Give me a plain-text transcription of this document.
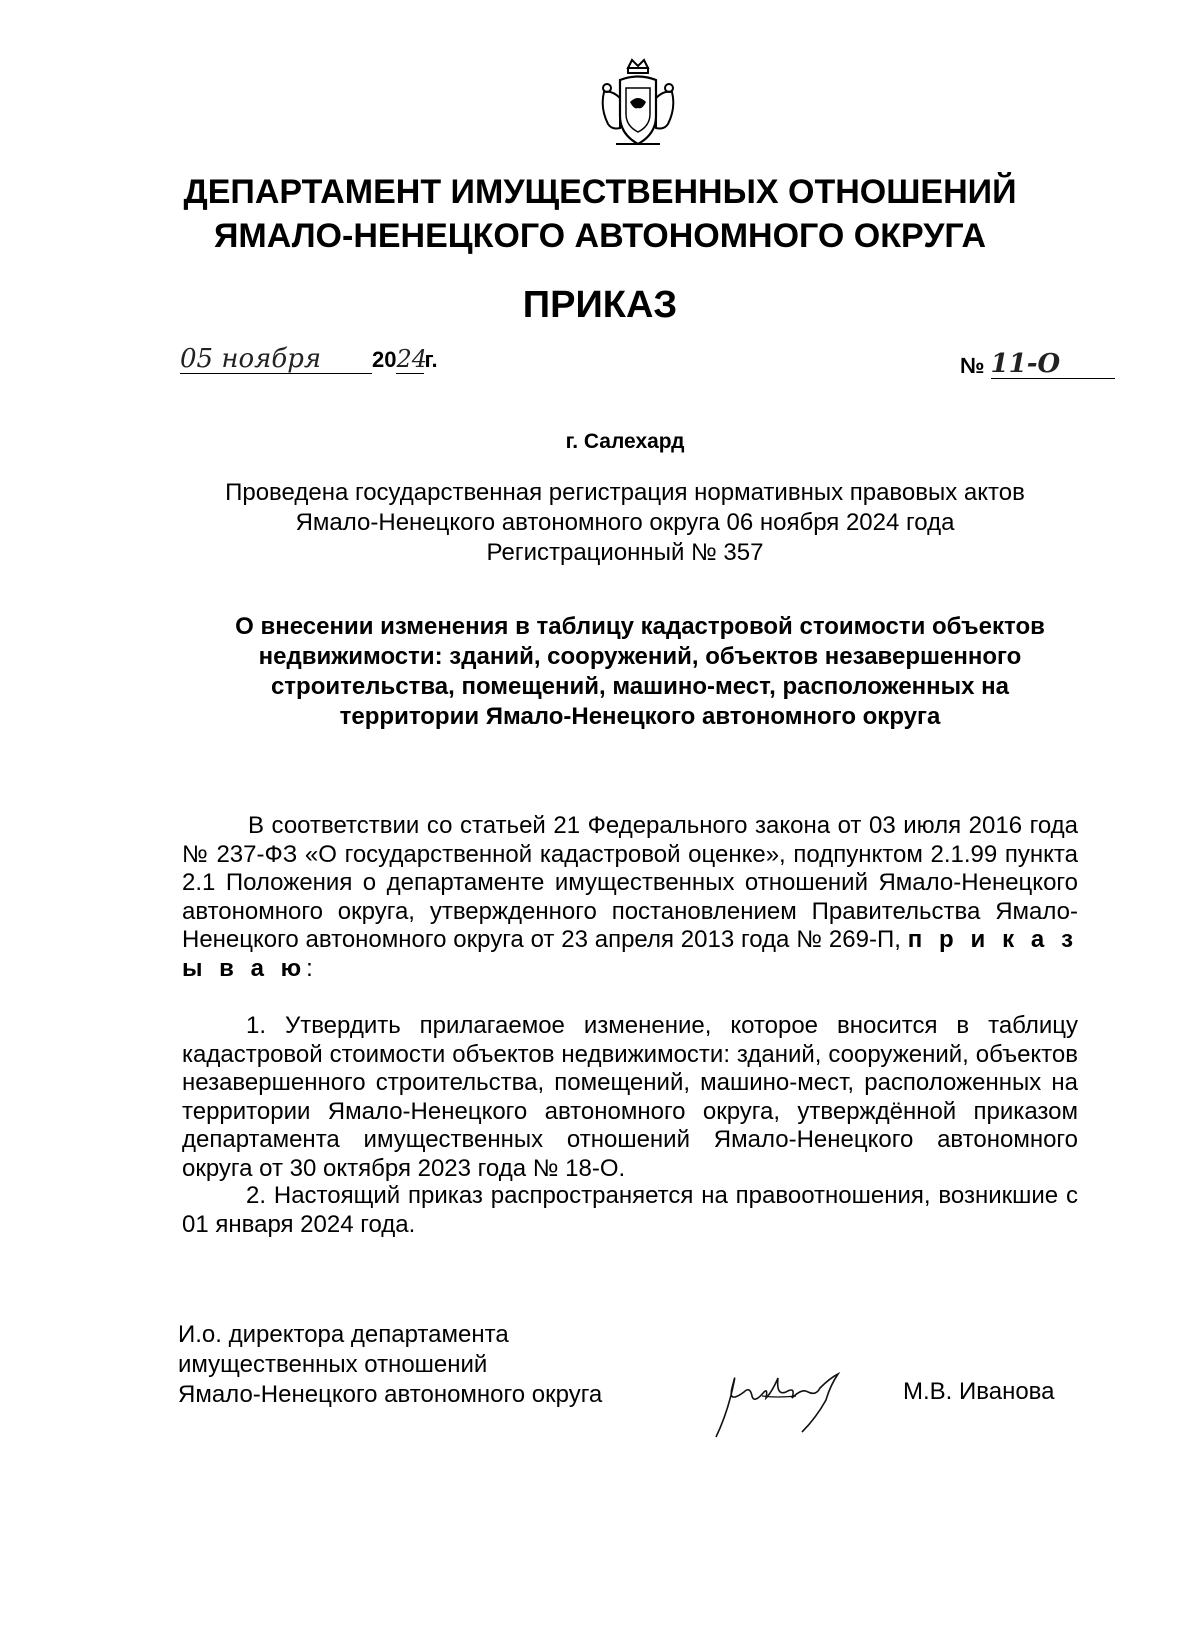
ДЕПАРТАМЕНТ ИМУЩЕСТВЕННЫХ ОТНОШЕНИЙ
ЯМАЛО-НЕНЕЦКОГО АВТОНОМНОГО ОКРУГА
ПРИКАЗ
05 ноября	20 24
г.	№ 11-О
г. Салехард
Проведена государственная регистрация нормативных правовых актов
Ямало-Ненецкого автономного округа 06 ноября 2024 года
Регистрационный № 357
О внесении изменения в таблицу кадастровой стоимости объектов недвижимости: зданий, сооружений, объектов незавершенного строительства, помещений, машино-мест, расположенных на территории Ямало-Ненецкого автономного округа
В соответствии со статьей 21 Федерального закона от 03 июля 2016 года № 237-ФЗ «О государственной кадастровой оценке», подпунктом 2.1.99 пункта 2.1 Положения о департаменте имущественных отношений Ямало-Ненецкого автономного округа, утвержденного постановлением Правительства Ямало-Ненецкого автономного округа от 23 апреля 2013 года № 269-П, п р и к а з ы в а ю:
1. Утвердить прилагаемое изменение, которое вносится в таблицу кадастровой стоимости объектов недвижимости: зданий, сооружений, объектов незавершенного строительства, помещений, машино-мест, расположенных на территории Ямало-Ненецкого автономного округа, утверждённой приказом департамента имущественных отношений Ямало-Ненецкого автономного округа от 30 октября 2023 года № 18-О.
2. Настоящий приказ распространяется на правоотношения, возникшие с 01 января 2024 года.
И.о. директора департамента
имущественных отношений
Ямало-Ненецкого автономного округа	М.В. Иванова
